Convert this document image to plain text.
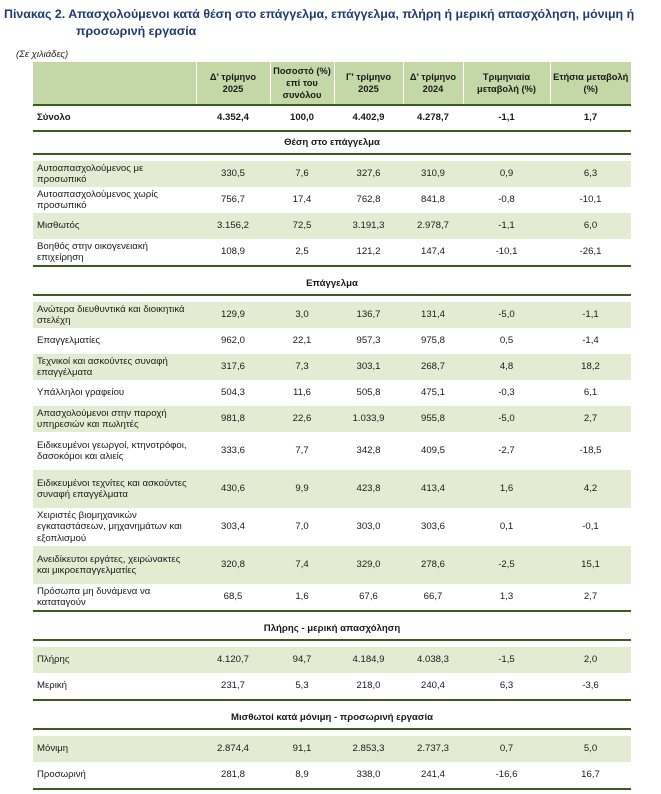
Πίνακας 2. Απασχολούμενοι κατά θέση στο επάγγελμα, επάγγελμα, πλήρη ή μερική απασχόληση, μόνιμη ή
προσωρινή εργασία
(Σε χιλιάδες)
	Δ' τρίμηνο 2025	Ποσοστό (%) επί του συνόλου	Γ' τρίμηνο 2025	Δ' τρίμηνο 2024	Τριμηνιαία μεταβολή (%)	Ετήσια μεταβολή (%)
Σύνολο	4.352,4	100,0	4.402,9	4.278,7	-1,1	1,7
Θέση στο επάγγελμα						

Αυτοαπασχολούμενος με προσωπικό	330,5	7,6	327,6	310,9	0,9	6,3
Αυτοαπασχολούμενος χωρίς προσωπικό	756,7	17,4	762,8	841,8	-0,8	-10,1
Μισθωτός	3.156,2	72,5	3.191,3	2.978,7	-1,1	6,0
Βοηθός στην οικογενειακή επιχείρηση	108,9	2,5	121,2	147,4	-10,1	-26,1

Επάγγελμα						

Ανώτερα διευθυντικά και διοικητικά στελέχη	129,9	3,0	136,7	131,4	-5,0	-1,1
Επαγγελματίες	962,0	22,1	957,3	975,8	0,5	-1,4
Τεχνικοί και ασκούντες συναφή επαγγέλματα	317,6	7,3	303,1	268,7	4,8	18,2
Υπάλληλοι γραφείου	504,3	11,6	505,8	475,1	-0,3	6,1
Απασχολούμενοι στην παροχή υπηρεσιών και πωλητές	981,8	22,6	1.033,9	955,8	-5,0	2,7
Ειδικευμένοι γεωργοί, κτηνοτρόφοι, δασοκόμοι και αλιείς	333,6	7,7	342,8	409,5	-2,7	-18,5
Ειδικευμένοι τεχνίτες και ασκούντες συναφή επαγγέλματα	430,6	9,9	423,8	413,4	1,6	4,2
Χειριστές βιομηχανικών εγκαταστάσεων, μηχανημάτων και εξοπλισμού	303,4	7,0	303,0	303,6	0,1	-0,1
Ανειδίκευτοι εργάτες, χειρώνακτες και μικροεπαγγελματίες	320,8	7,4	329,0	278,6	-2,5	15,1
Πρόσωπα μη δυνάμενα να καταταγούν	68,5	1,6	67,6	66,7	1,3	2,7

Πλήρης - μερική απασχόληση						

Πλήρης	4.120,7	94,7	4.184,9	4.038,3	-1,5	2,0
Μερική	231,7	5,3	218,0	240,4	6,3	-3,6

Μισθωτοί κατά μόνιμη - προσωρινή εργασία						

Μόνιμη	2.874,4	91,1	2.853,3	2.737,3	0,7	5,0
Προσωρινή	281,8	8,9	338,0	241,4	-16,6	16,7
